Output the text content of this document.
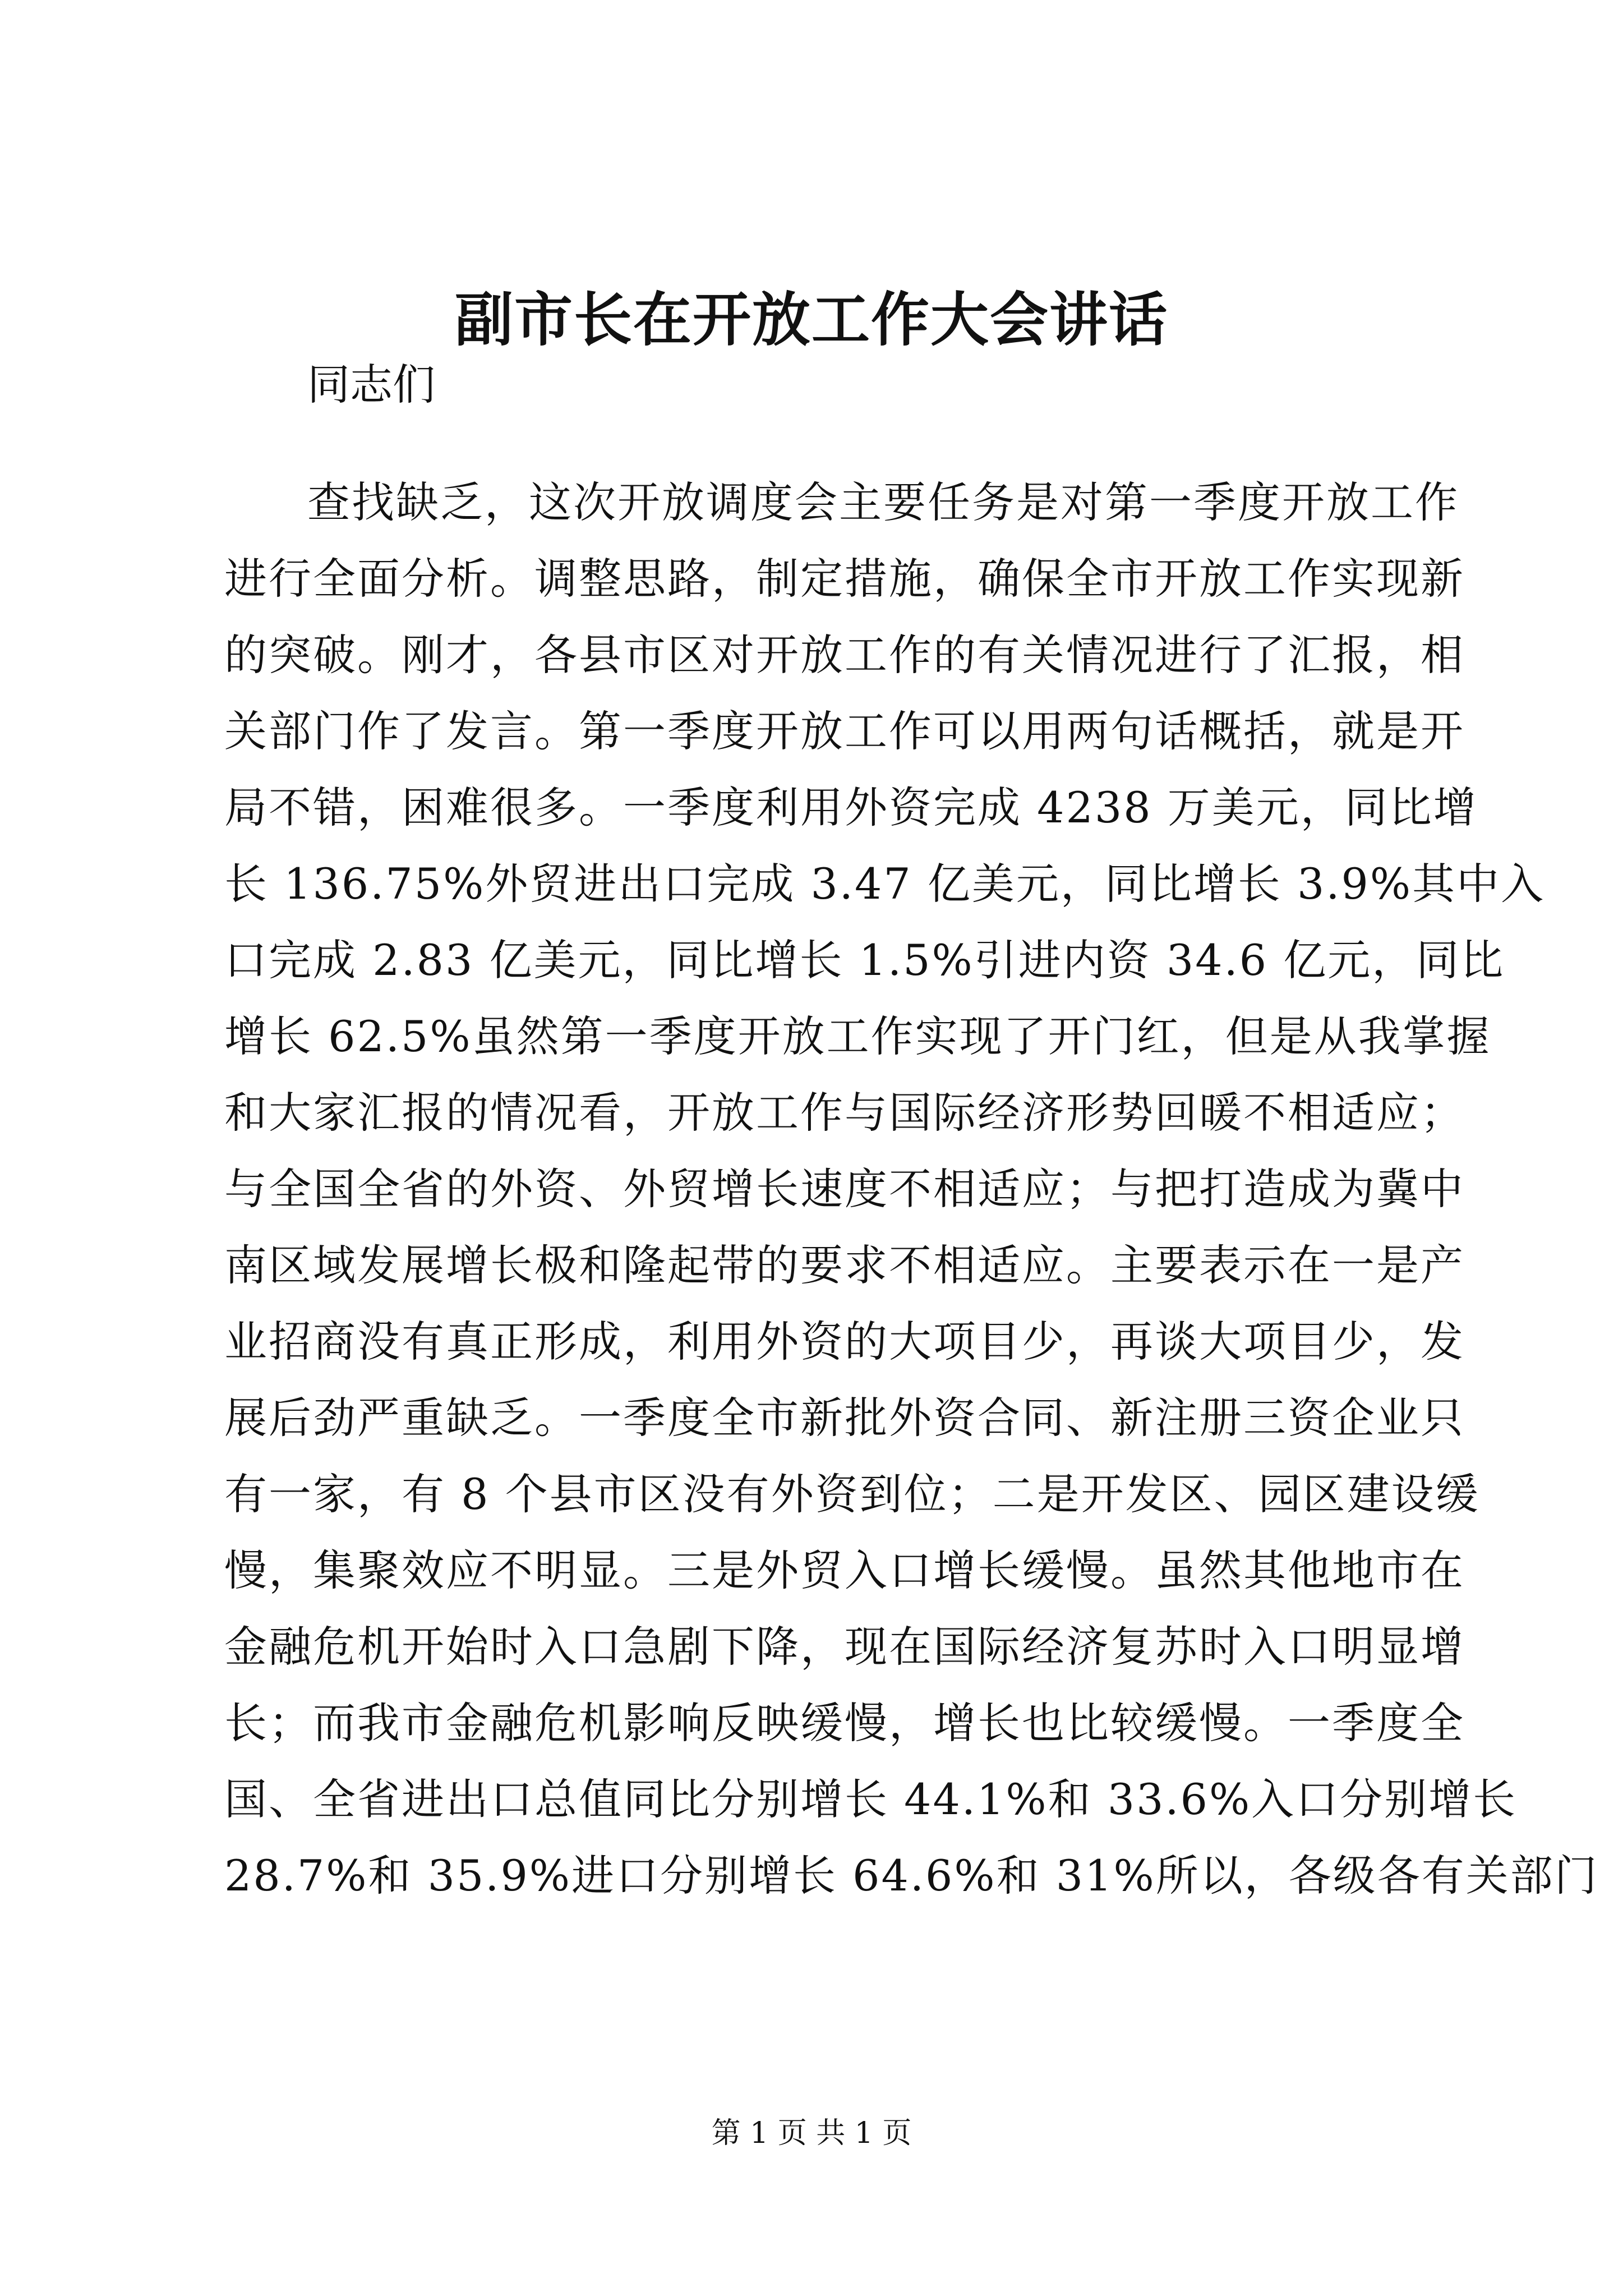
副市长在开放工作大会讲话

同志们

查找缺乏，这次开放调度会主要任务是对第一季度开放工作
进行全面分析。调整思路，制定措施，确保全市开放工作实现新
的突破。刚才，各县市区对开放工作的有关情况进行了汇报，相
关部门作了发言。第一季度开放工作可以用两句话概括，就是开
局不错，困难很多。一季度利用外资完成 4238 万美元，同比增
长 136.75%外贸进出口完成 3.47 亿美元，同比增长 3.9%其中入
口完成 2.83 亿美元，同比增长 1.5%引进内资 34.6 亿元，同比
增长 62.5%虽然第一季度开放工作实现了开门红，但是从我掌握
和大家汇报的情况看，开放工作与国际经济形势回暖不相适应；
与全国全省的外资、外贸增长速度不相适应；与把打造成为冀中
南区域发展增长极和隆起带的要求不相适应。主要表示在一是产
业招商没有真正形成，利用外资的大项目少，再谈大项目少，发
展后劲严重缺乏。一季度全市新批外资合同、新注册三资企业只
有一家，有 8 个县市区没有外资到位；二是开发区、园区建设缓
慢，集聚效应不明显。三是外贸入口增长缓慢。虽然其他地市在
金融危机开始时入口急剧下降，现在国际经济复苏时入口明显增
长；而我市金融危机影响反映缓慢，增长也比较缓慢。一季度全
国、全省进出口总值同比分别增长 44.1%和 33.6%入口分别增长
28.7%和 35.9%进口分别增长 64.6%和 31%所以，各级各有关部门

第 1 页 共 1 页
